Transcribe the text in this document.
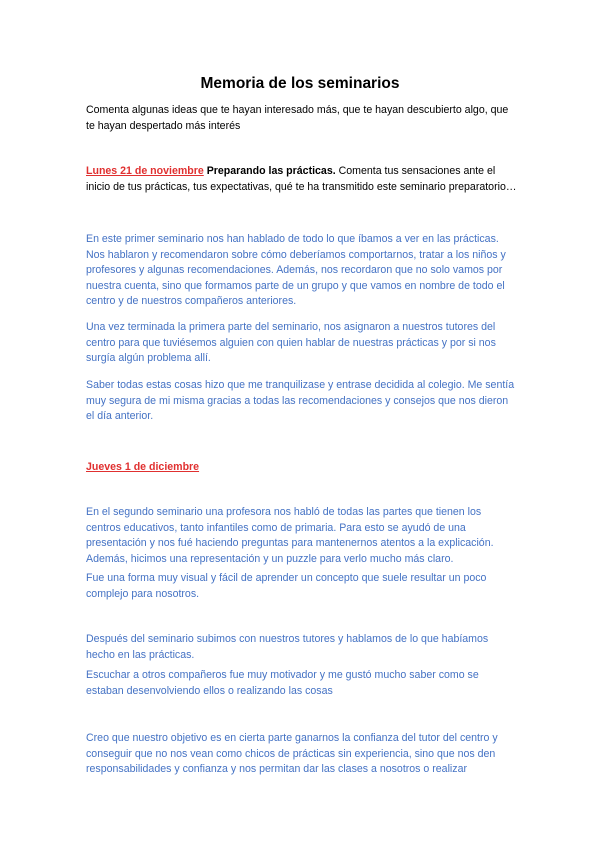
Memoria de los seminarios

Comenta algunas ideas que te hayan interesado más, que te hayan descubierto algo, que te hayan despertado más interés

Lunes 21 de noviembre Preparando las prácticas. Comenta tus sensaciones ante el inicio de tus prácticas, tus expectativas, qué te ha transmitido este seminario preparatorio…

En este primer seminario nos han hablado de todo lo que íbamos a ver en las prácticas. Nos hablaron y recomendaron sobre cómo deberíamos comportarnos, tratar a los niños y profesores y algunas recomendaciones. Además, nos recordaron que no solo vamos por nuestra cuenta, sino que formamos parte de un grupo y que vamos en nombre de todo el centro y de nuestros compañeros anteriores.

Una vez terminada la primera parte del seminario, nos asignaron a nuestros tutores del centro para que tuviésemos alguien con quien hablar de nuestras prácticas y por si nos surgía algún problema allí.

Saber todas estas cosas hizo que me tranquilizase y entrase decidida al colegio. Me sentía muy segura de mi misma gracias a todas las recomendaciones y consejos que nos dieron el día anterior.

Jueves 1 de diciembre

En el segundo seminario una profesora nos habló de todas las partes que tienen los centros educativos, tanto infantiles como de primaria. Para esto se ayudó de una presentación y nos fué haciendo preguntas para mantenernos atentos a la explicación. Además, hicimos una representación y un puzzle para verlo mucho más claro.

Fue una forma muy visual y fácil de aprender un concepto que suele resultar un poco complejo para nosotros.

Después del seminario subimos con nuestros tutores y hablamos de lo que habíamos hecho en las prácticas.

Escuchar a otros compañeros fue muy motivador y me gustó mucho saber como se estaban desenvolviendo ellos o realizando las cosas

Creo que nuestro objetivo es en cierta parte ganarnos la confianza del tutor del centro y conseguir que no nos vean como chicos de prácticas sin experiencia, sino que nos den responsabilidades y confianza y nos permitan dar las clases a nosotros o realizar
